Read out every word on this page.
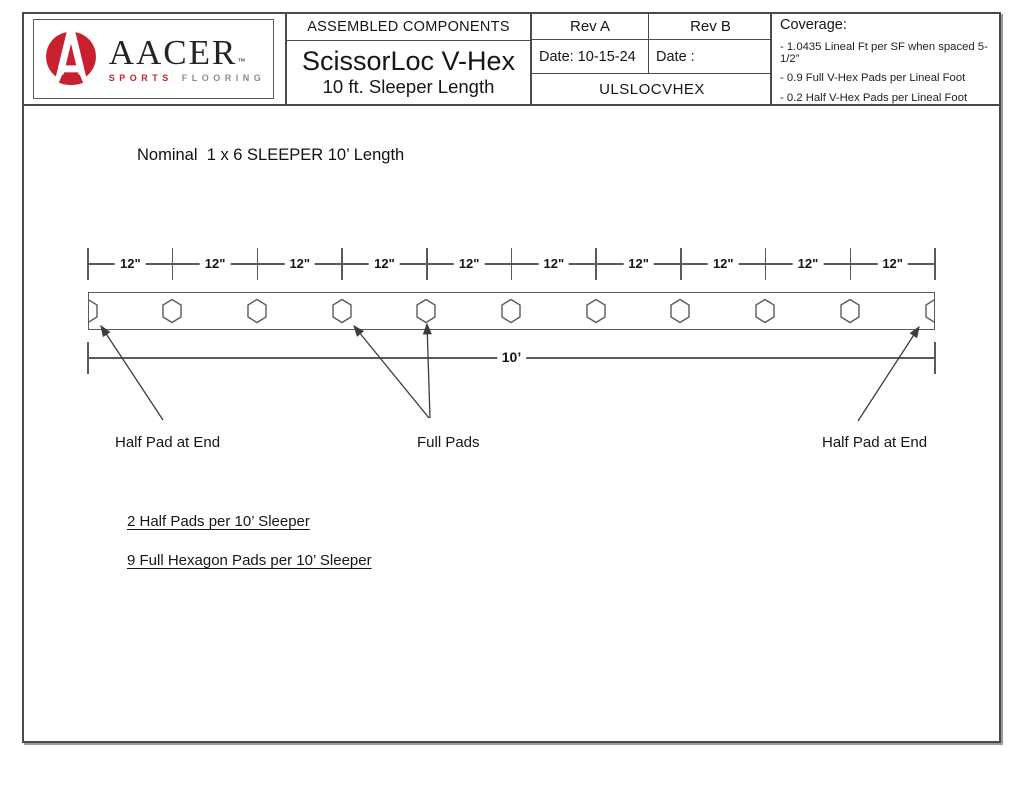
AACER™
SPORTS FLOORING
ASSEMBLED COMPONENTS
ScissorLoc V-Hex
10 ft. Sleeper Length
Rev A	Rev B
Date: 10-15-24	Date :
ULSLOCVHEX
Coverage:
- 1.0435 Lineal Ft per SF when spaced 5-1/2”
- 0.9 Full V-Hex Pads per Lineal Foot
- 0.2 Half V-Hex Pads per Lineal Foot
Nominal  1 x 6 SLEEPER 10’ Length
12"	12"	12"	12"	12"	12"	12"	12"	12"	12"
10’
Half Pad at End	Full Pads	Half Pad at End
2 Half Pads per 10’ Sleeper
9 Full Hexagon Pads per 10’ Sleeper
